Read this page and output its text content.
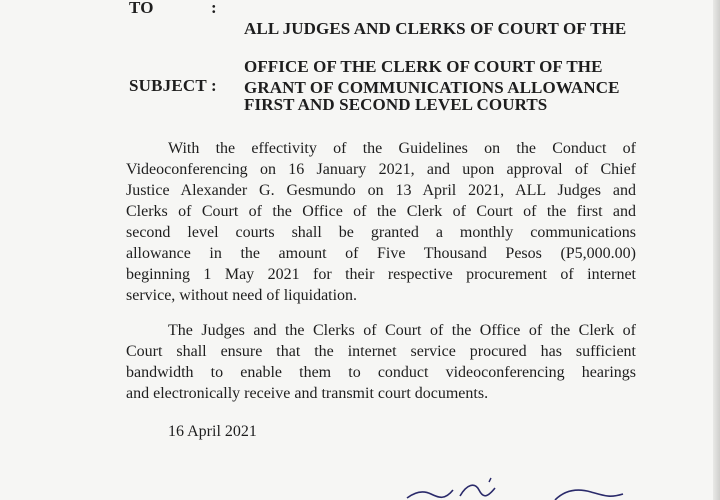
TO	:

ALL JUDGES AND CLERKS OF COURT OF THE

OFFICE OF THE CLERK OF COURT OF THE

FIRST AND SECOND LEVEL COURTS

SUBJECT : GRANT OF COMMUNICATIONS ALLOWANCE
With the effectivity of the Guidelines on the Conduct of
Videoconferencing on 16 January 2021, and upon approval of Chief
Justice Alexander G. Gesmundo on 13 April 2021, ALL Judges and
Clerks of Court of the Office of the Clerk of Court of the first and
second level courts shall be granted a monthly communications
allowance in the amount of Five Thousand Pesos (P5,000.00)
beginning 1 May 2021 for their respective procurement of internet
service, without need of liquidation.
The Judges and the Clerks of Court of the Office of the Clerk of
Court shall ensure that the internet service procured has sufficient
bandwidth to enable them to conduct videoconferencing hearings
and electronically receive and transmit court documents.
16 April 2021
